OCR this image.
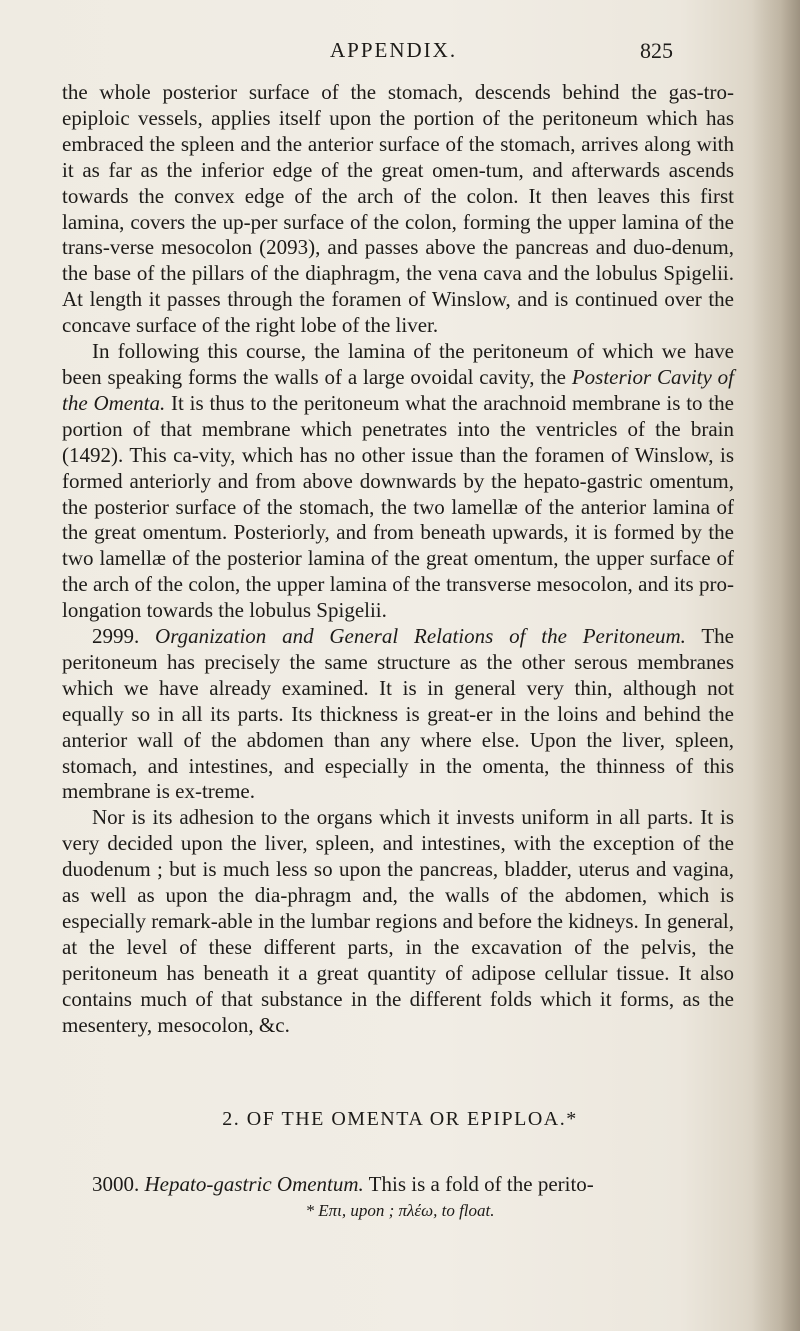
APPENDIX.	825

the whole posterior surface of the stomach, descends behind the gas-tro-epiploic vessels, applies itself upon the portion of the peritoneum which has embraced the spleen and the anterior surface of the stomach, arrives along with it as far as the inferior edge of the great omen-tum, and afterwards ascends towards the convex edge of the arch of the colon. It then leaves this first lamina, covers the up-per surface of the colon, forming the upper lamina of the trans-verse mesocolon (2093), and passes above the pancreas and duo-denum, the base of the pillars of the diaphragm, the vena cava and the lobulus Spigelii. At length it passes through the foramen of Winslow, and is continued over the concave surface of the right lobe of the liver.

In following this course, the lamina of the peritoneum of which we have been speaking forms the walls of a large ovoidal cavity, the Posterior Cavity of the Omenta. It is thus to the peritoneum what the arachnoid membrane is to the portion of that membrane which penetrates into the ventricles of the brain (1492). This ca-vity, which has no other issue than the foramen of Winslow, is formed anteriorly and from above downwards by the hepato-gastric omentum, the posterior surface of the stomach, the two lamellæ of the anterior lamina of the great omentum. Posteriorly, and from beneath upwards, it is formed by the two lamellæ of the posterior lamina of the great omentum, the upper surface of the arch of the colon, the upper lamina of the transverse mesocolon, and its pro-longation towards the lobulus Spigelii.

2999. Organization and General Relations of the Peritoneum. The peritoneum has precisely the same structure as the other serous membranes which we have already examined. It is in general very thin, although not equally so in all its parts. Its thickness is great-er in the loins and behind the anterior wall of the abdomen than any where else. Upon the liver, spleen, stomach, and intestines, and especially in the omenta, the thinness of this membrane is ex-treme.

Nor is its adhesion to the organs which it invests uniform in all parts. It is very decided upon the liver, spleen, and intestines, with the exception of the duodenum ; but is much less so upon the pancreas, bladder, uterus and vagina, as well as upon the dia-phragm and, the walls of the abdomen, which is especially remark-able in the lumbar regions and before the kidneys. In general, at the level of these different parts, in the excavation of the pelvis, the peritoneum has beneath it a great quantity of adipose cellular tissue. It also contains much of that substance in the different folds which it forms, as the mesentery, mesocolon, &c.

2. OF THE OMENTA OR EPIPLOA.*

3000. Hepato-gastric Omentum. This is a fold of the perito-

* Επι, upon ; πλέω, to float.
